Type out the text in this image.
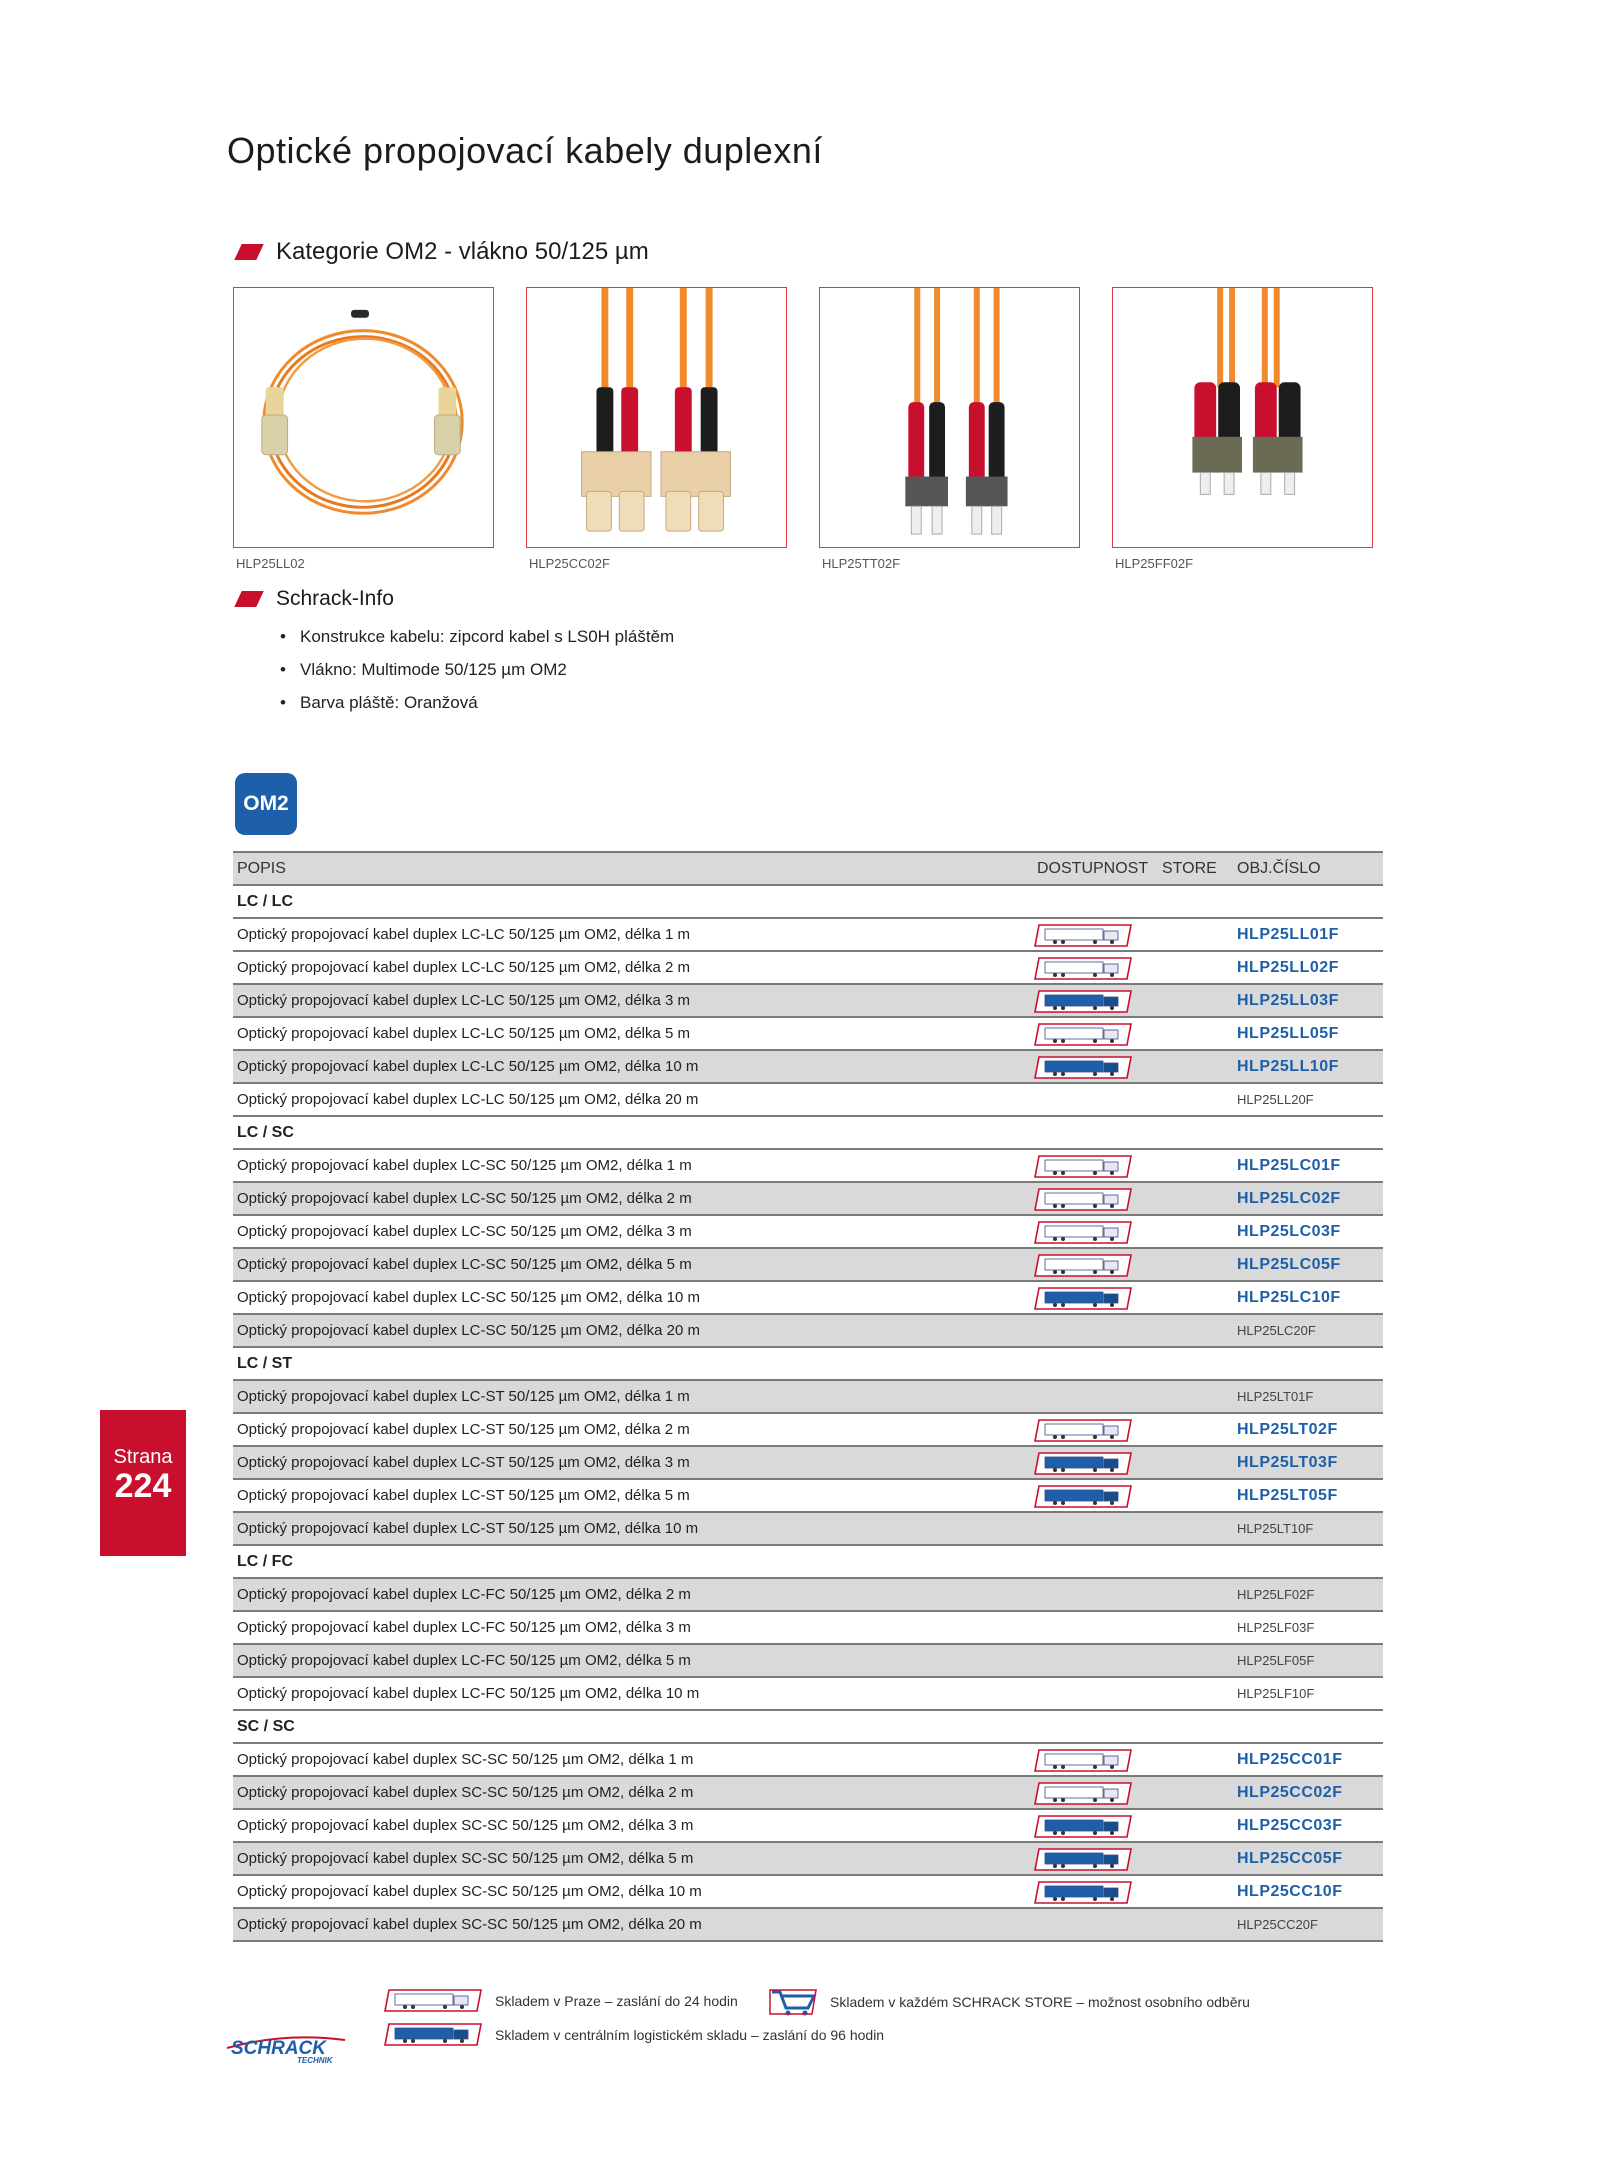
Optické propojovací kabely duplexní
Kategorie OM2 - vlákno 50/125 µm
HLP25LL02	HLP25CC02F	HLP25TT02F	HLP25FF02F
Schrack-Info
• Konstrukce kabelu: zipcord kabel s LS0H pláštěm
• Vlákno: Multimode 50/125 µm OM2
• Barva pláště: Oranžová
OM2
POPIS	DOSTUPNOST	STORE	OBJ.ČÍSLO
LC / LC			
Optický propojovací kabel duplex LC-LC 50/125 µm OM2, délka 1 m			HLP25LL01F
Optický propojovací kabel duplex LC-LC 50/125 µm OM2, délka 2 m			HLP25LL02F
Optický propojovací kabel duplex LC-LC 50/125 µm OM2, délka 3 m			HLP25LL03F
Optický propojovací kabel duplex LC-LC 50/125 µm OM2, délka 5 m			HLP25LL05F
Optický propojovací kabel duplex LC-LC 50/125 µm OM2, délka 10 m			HLP25LL10F
Optický propojovací kabel duplex LC-LC 50/125 µm OM2, délka 20 m			HLP25LL20F
LC / SC			
Optický propojovací kabel duplex LC-SC 50/125 µm OM2, délka 1 m			HLP25LC01F
Optický propojovací kabel duplex LC-SC 50/125 µm OM2, délka 2 m			HLP25LC02F
Optický propojovací kabel duplex LC-SC 50/125 µm OM2, délka 3 m			HLP25LC03F
Optický propojovací kabel duplex LC-SC 50/125 µm OM2, délka 5 m			HLP25LC05F
Optický propojovací kabel duplex LC-SC 50/125 µm OM2, délka 10 m			HLP25LC10F
Optický propojovací kabel duplex LC-SC 50/125 µm OM2, délka 20 m			HLP25LC20F
LC / ST			
Optický propojovací kabel duplex LC-ST 50/125 µm OM2, délka 1 m			HLP25LT01F
Optický propojovací kabel duplex LC-ST 50/125 µm OM2, délka 2 m			HLP25LT02F
Optický propojovací kabel duplex LC-ST 50/125 µm OM2, délka 3 m			HLP25LT03F
Optický propojovací kabel duplex LC-ST 50/125 µm OM2, délka 5 m			HLP25LT05F
Optický propojovací kabel duplex LC-ST 50/125 µm OM2, délka 10 m			HLP25LT10F
LC / FC			
Optický propojovací kabel duplex LC-FC 50/125 µm OM2, délka 2 m			HLP25LF02F
Optický propojovací kabel duplex LC-FC 50/125 µm OM2, délka 3 m			HLP25LF03F
Optický propojovací kabel duplex LC-FC 50/125 µm OM2, délka 5 m			HLP25LF05F
Optický propojovací kabel duplex LC-FC 50/125 µm OM2, délka 10 m			HLP25LF10F
SC / SC			
Optický propojovací kabel duplex SC-SC 50/125 µm OM2, délka 1 m			HLP25CC01F
Optický propojovací kabel duplex SC-SC 50/125 µm OM2, délka 2 m			HLP25CC02F
Optický propojovací kabel duplex SC-SC 50/125 µm OM2, délka 3 m			HLP25CC03F
Optický propojovací kabel duplex SC-SC 50/125 µm OM2, délka 5 m			HLP25CC05F
Optický propojovací kabel duplex SC-SC 50/125 µm OM2, délka 10 m			HLP25CC10F
Optický propojovací kabel duplex SC-SC 50/125 µm OM2, délka 20 m			HLP25CC20F
Strana
224
Skladem v Praze – zaslání do 24 hodin	Skladem v každém SCHRACK STORE – možnost osobního odběru
Skladem v centrálním logistickém skladu – zaslání do 96 hodin
SCHRACK
TECHNIK
